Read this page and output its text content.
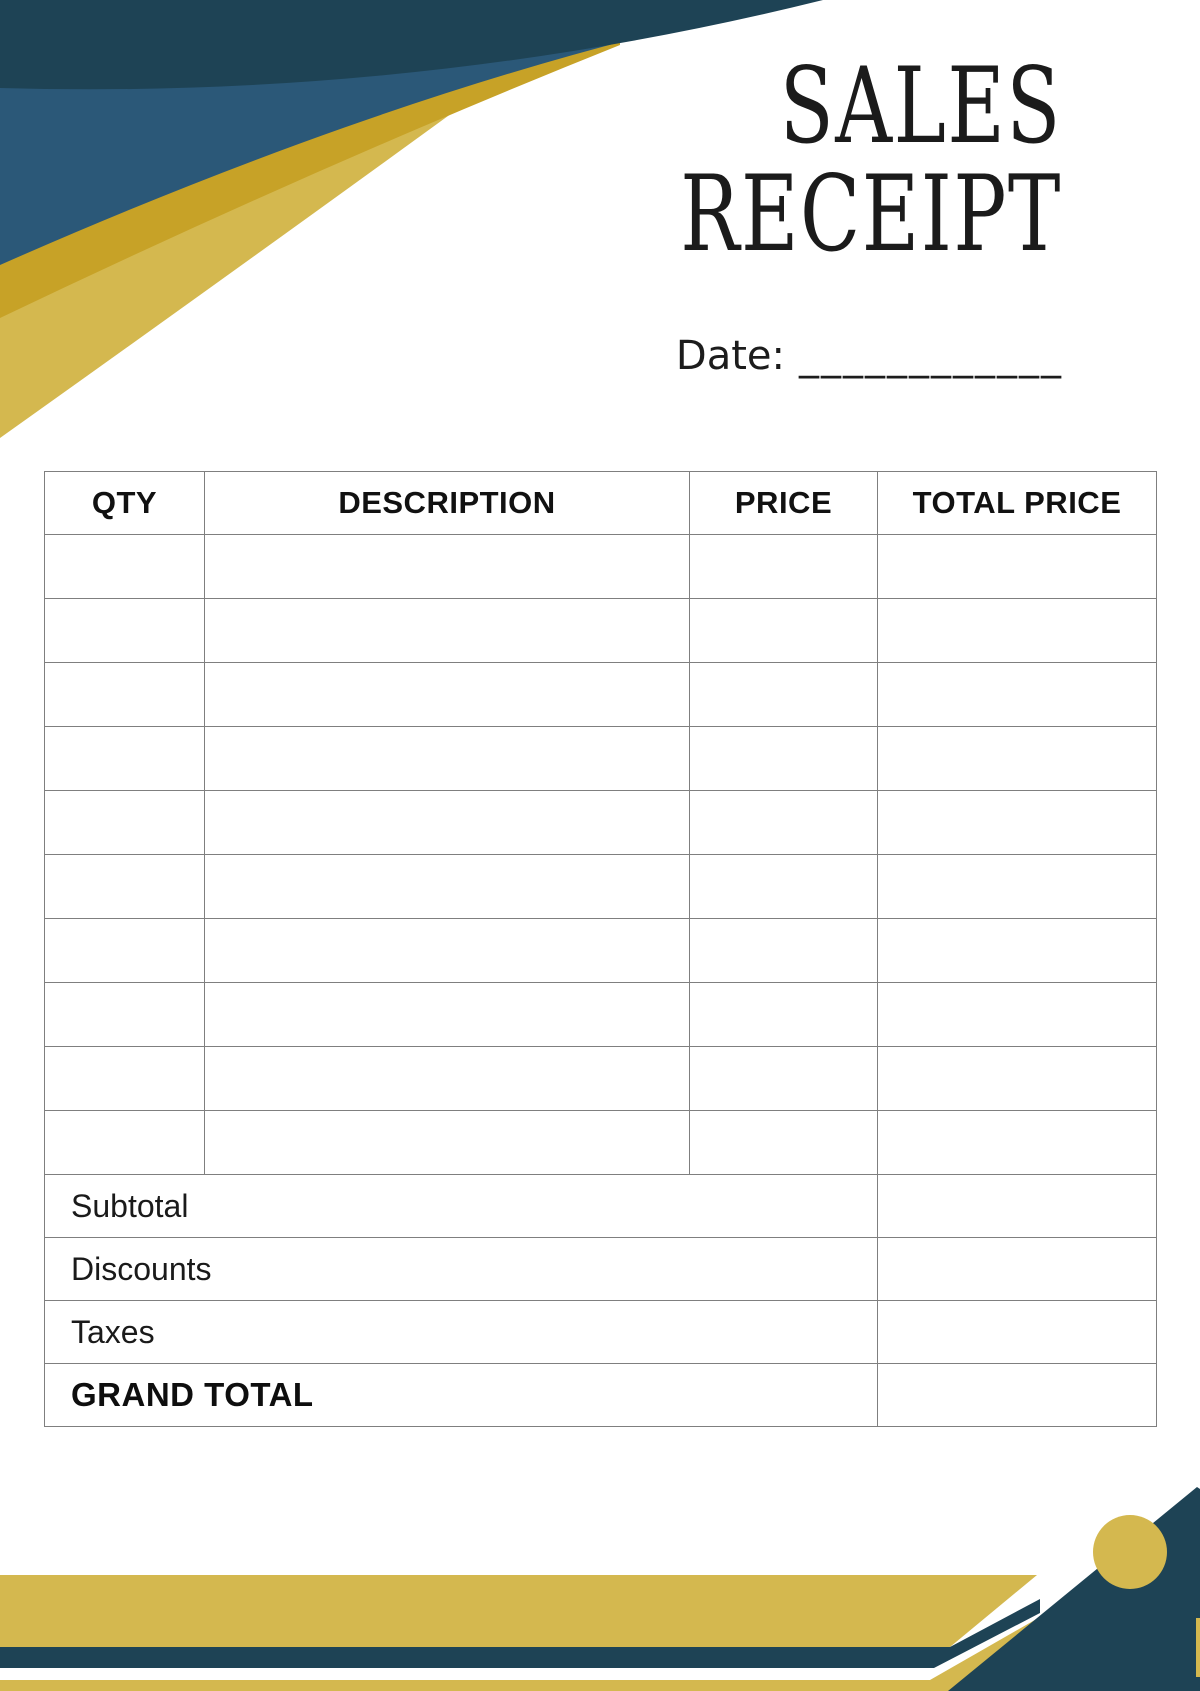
SALES
RECEIPT
Date: ____________
QTY	DESCRIPTION	PRICE	TOTAL PRICE

Subtotal			
Discounts			
Taxes			
GRAND TOTAL			
